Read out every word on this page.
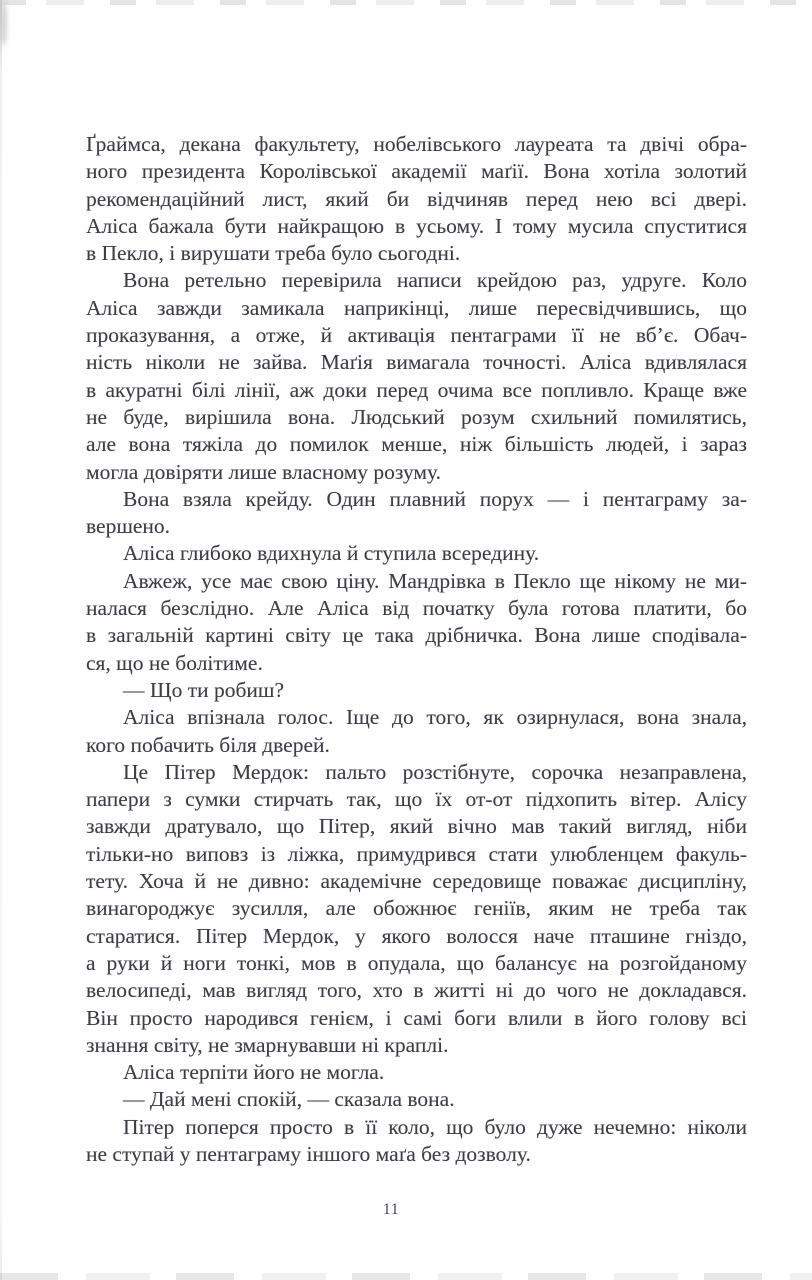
Ґраймса, декана факультету, нобелівського лауреата та двічі обра-
ного президента Королівської академії маґії. Вона хотіла золотий
рекомендаційний лист, який би відчиняв перед нею всі двері.
Аліса бажала бути найкращою в усьому. І тому мусила спуститися
в Пекло, і вирушати треба було сьогодні.
Вона ретельно перевірила написи крейдою раз, удруге. Коло
Аліса завжди замикала наприкінці, лише пересвідчившись, що
проказування, а отже, й активація пентаграми її не вб’є. Обач-
ність ніколи не зайва. Маґія вимагала точності. Аліса вдивлялася
в акуратні білі лінії, аж доки перед очима все попливло. Краще вже
не буде, вирішила вона. Людський розум схильний помилятись,
але вона тяжіла до помилок менше, ніж більшість людей, і зараз
могла довіряти лише власному розуму.
Вона взяла крейду. Один плавний порух — і пентаграму за-
вершено.
Аліса глибоко вдихнула й ступила всередину.
Авжеж, усе має свою ціну. Мандрівка в Пекло ще нікому не ми-
налася безслідно. Але Аліса від початку була готова платити, бо
в загальній картині світу це така дрібничка. Вона лише сподівала-
ся, що не болітиме.
— Що ти робиш?
Аліса впізнала голос. Іще до того, як озирнулася, вона знала,
кого побачить біля дверей.
Це Пітер Мердок: пальто розстібнуте, сорочка незаправлена,
папери з сумки стирчать так, що їх от-от підхопить вітер. Алісу
завжди дратувало, що Пітер, який вічно мав такий вигляд, ніби
тільки-но виповз із ліжка, примудрився стати улюбленцем факуль-
тету. Хоча й не дивно: академічне середовище поважає дисципліну,
винагороджує зусилля, але обожнює геніїв, яким не треба так
старатися. Пітер Мердок, у якого волосся наче пташине гніздо,
а руки й ноги тонкі, мов в опудала, що балансує на розгойданому
велосипеді, мав вигляд того, хто в житті ні до чого не докладався.
Він просто народився генієм, і самі боги влили в його голову всі
знання світу, не змарнувавши ні краплі.
Аліса терпіти його не могла.
— Дай мені спокій, — сказала вона.
Пітер поперся просто в її коло, що було дуже нечемно: ніколи
не ступай у пентаграму іншого маґа без дозволу.
11
